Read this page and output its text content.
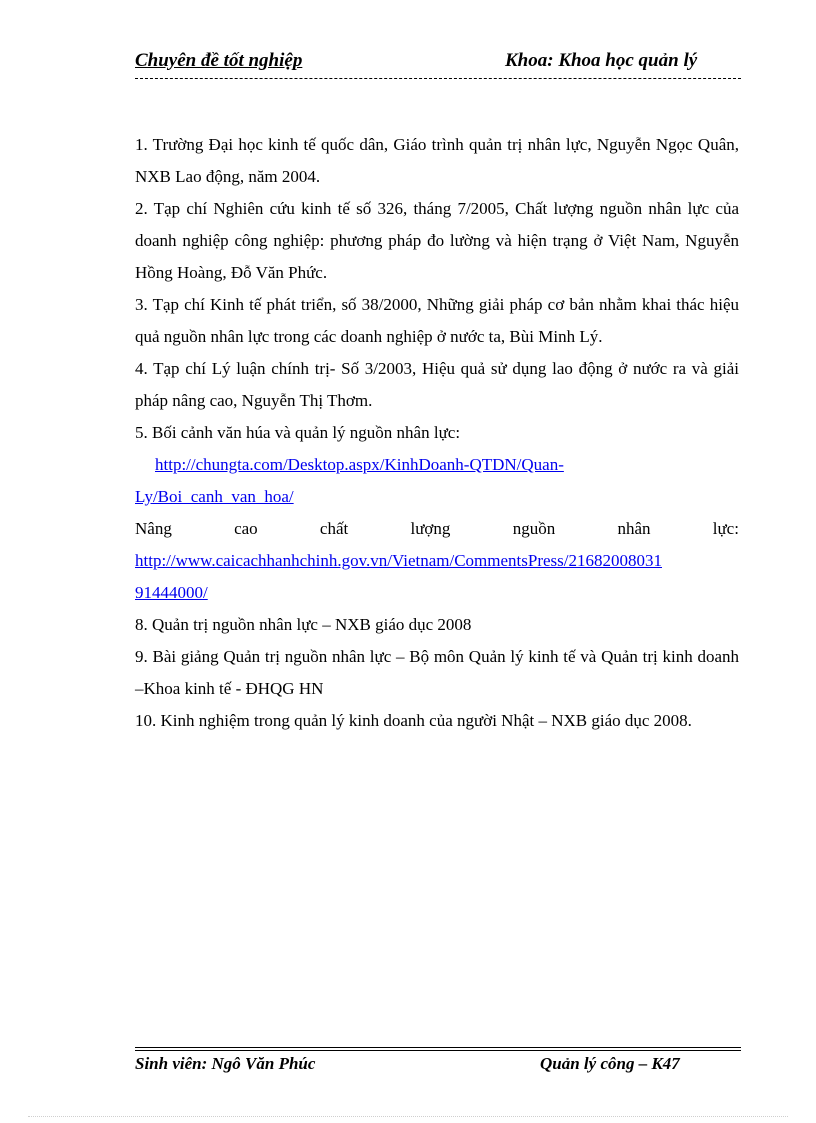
Chuyên đề tốt nghiệp	Khoa: Khoa học quản lý

1. Trường Đại học kinh tế quốc dân, Giáo trình quản trị nhân lực, Nguyễn Ngọc Quân, NXB Lao động, năm 2004.

2. Tạp chí Nghiên cứu kinh tế số 326, tháng 7/2005, Chất lượng nguồn nhân lực của doanh nghiệp công nghiệp: phương pháp đo lường và hiện trạng ở Việt Nam, Nguyễn Hồng Hoàng, Đỗ Văn Phức.

3. Tạp chí Kinh tế phát triển, số 38/2000, Những giải pháp cơ bản nhằm khai thác hiệu quả nguồn nhân lực trong các doanh nghiệp ở nước ta, Bùi Minh Lý.

4. Tạp chí Lý luận chính trị- Số 3/2003, Hiệu quả sử dụng lao động ở nước ra và giải pháp nâng cao, Nguyễn Thị Thơm.

5. Bối cảnh văn húa và quản lý nguồn nhân lực:

http://chungta.com/Desktop.aspx/KinhDoanh-QTDN/Quan-

Ly/Boi_canh_van_hoa/

Nâng	cao	chất	lượng	nguồn	nhân	lực:

http://www.caicachhanhchinh.gov.vn/Vietnam/CommentsPress/21682008031

91444000/

8. Quản trị nguồn nhân lực – NXB giáo dục 2008

9. Bài giảng Quản trị nguồn nhân lực – Bộ môn Quản lý kinh tế và Quản trị kinh doanh –Khoa kinh tế - ĐHQG HN

10. Kinh nghiệm trong quản lý kinh doanh của người Nhật – NXB giáo dục 2008.

Sinh viên: Ngô Văn Phúc	Quản lý công – K47
